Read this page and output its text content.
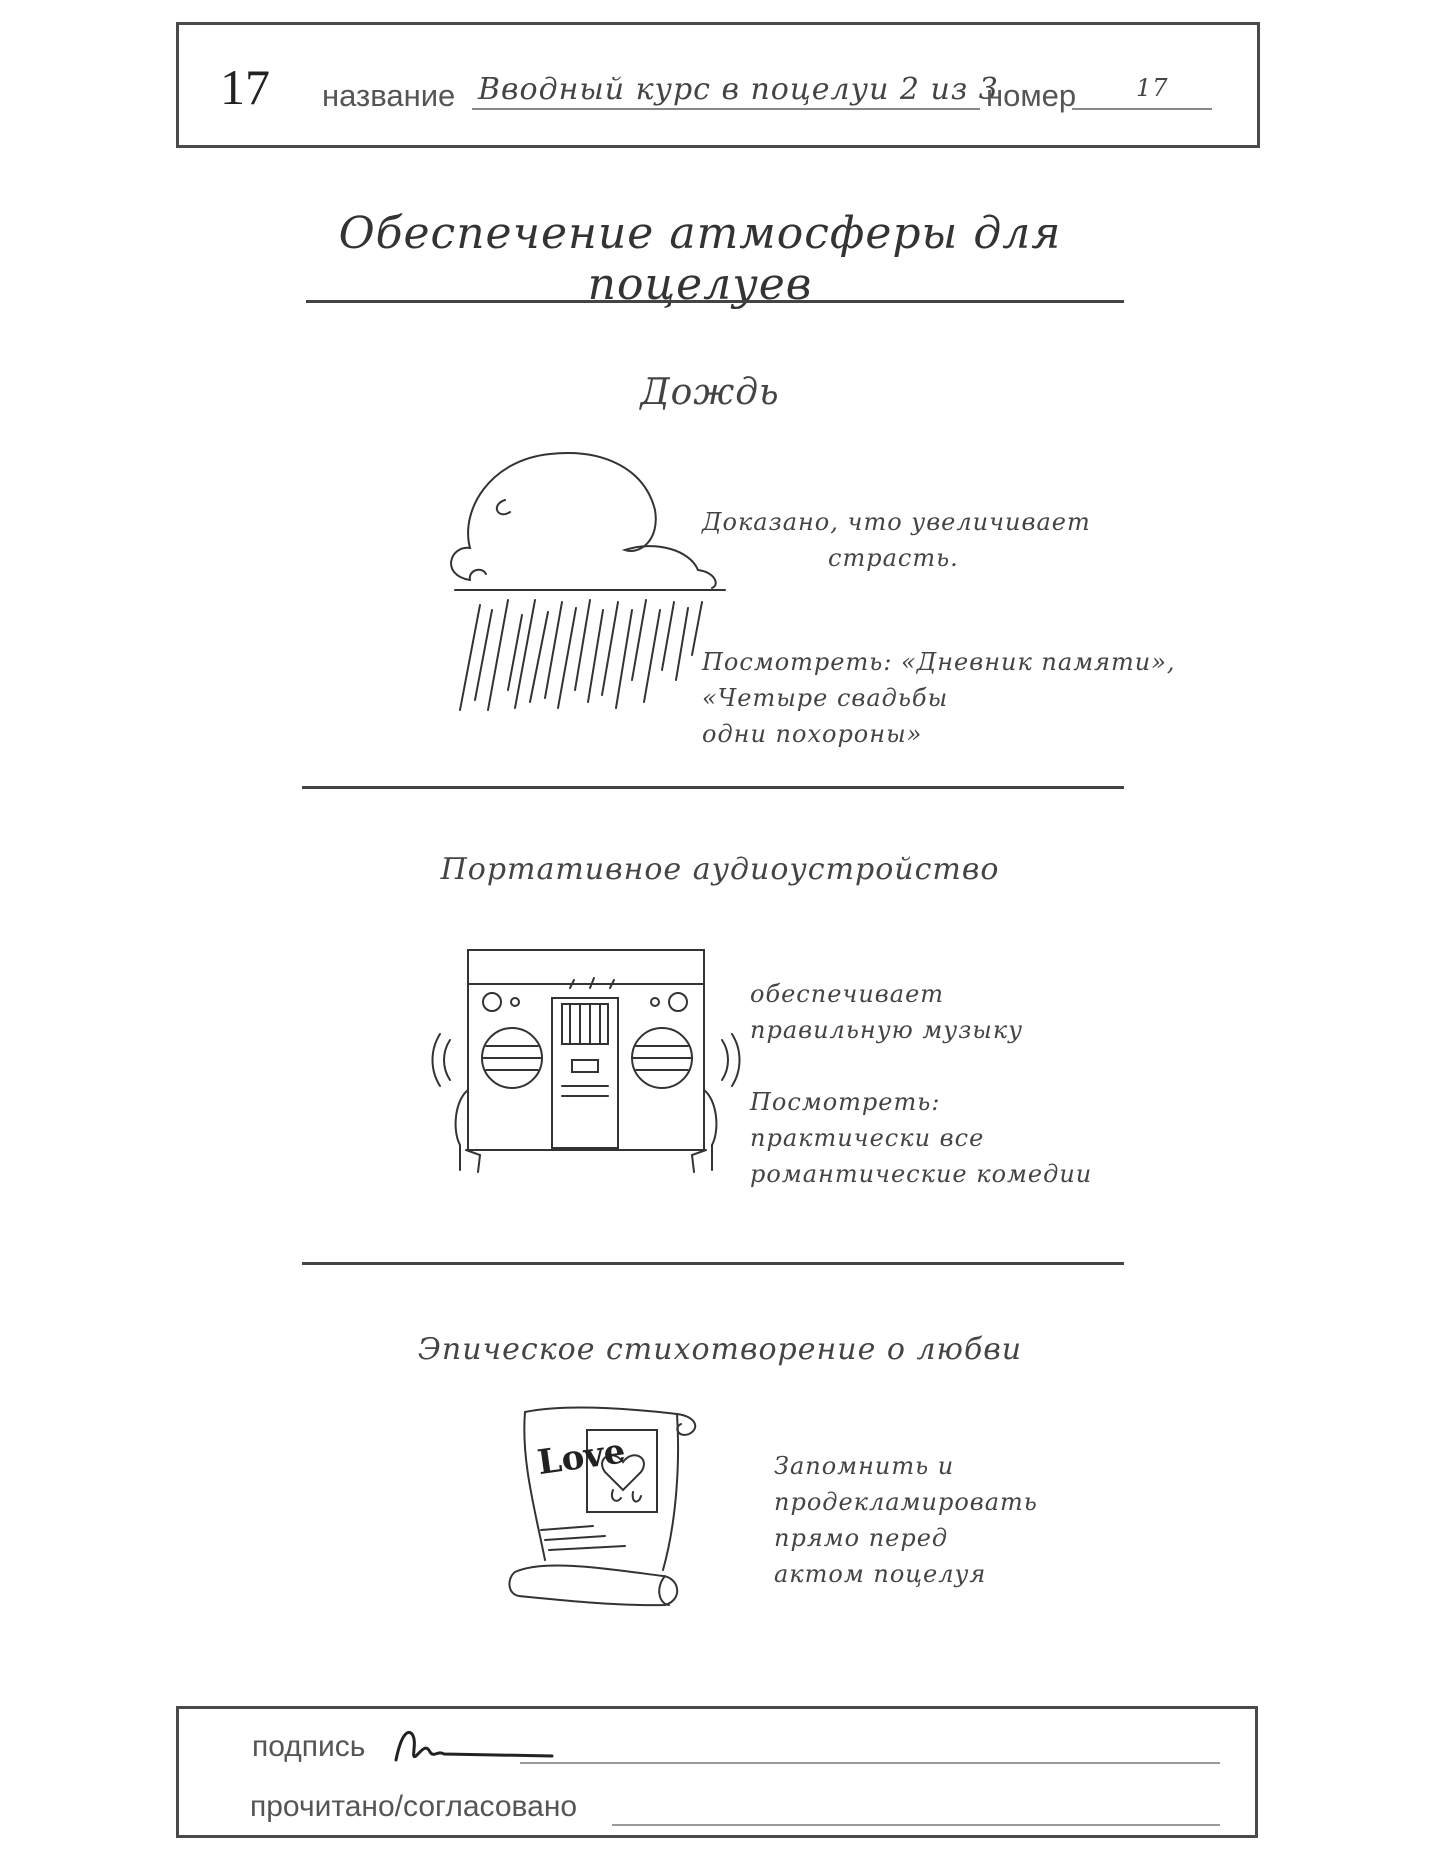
17 название Вводный курс в поцелуи 2 из 3
номер 17
Обеспечение атмосферы для поцелуев
Дождь
Доказано, что увеличивает
страсть.
Посмотреть: «Дневник памяти»,
«Четыре свадьбы
одни похороны»
Портативное аудиоустройство
обеспечивает
правильную музыку
Посмотреть:
практически все
романтические комедии
Эпическое стихотворение о любви
Love	Запомнить и
продекламировать
прямо перед
актом поцелуя
подпись
прочитано/согласовано
